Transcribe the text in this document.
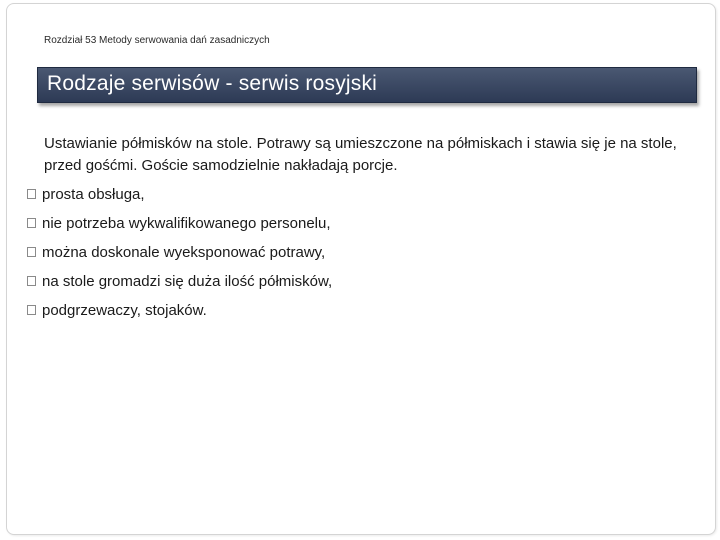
Rozdział 53 Metody serwowania dań zasadniczych
Rodzaje serwisów - serwis rosyjski
Ustawianie półmisków na stole. Potrawy są umieszczone na półmiskach i stawia się je na stole, przed gośćmi. Goście samodzielnie nakładają porcje.
prosta obsługa,
nie potrzeba wykwalifikowanego personelu,
można doskonale wyeksponować potrawy,
na stole gromadzi się duża ilość półmisków,
podgrzewaczy, stojaków.
